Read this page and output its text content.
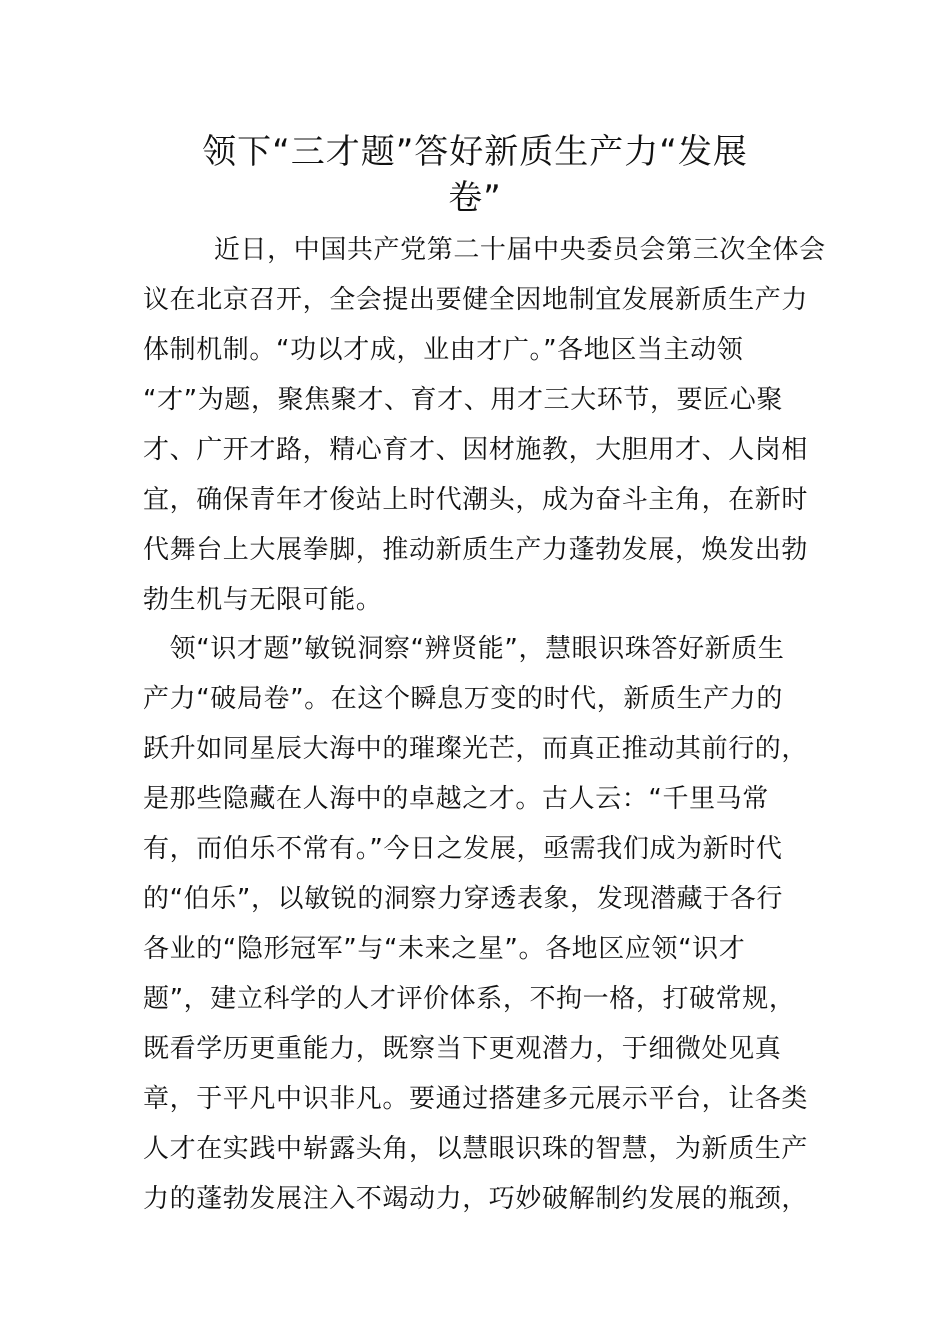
领下“三才题”答好新质生产力“发展
卷”

近日，中国共产党第二十届中央委员会第三次全体会

议在北京召开，全会提出要健全因地制宜发展新质生产力

体制机制。“功以才成，业由才广。”各地区当主动领

“才”为题，聚焦聚才、育才、用才三大环节，要匠心聚

才、广开才路，精心育才、因材施教，大胆用才、人岗相

宜，确保青年才俊站上时代潮头，成为奋斗主角，在新时

代舞台上大展拳脚，推动新质生产力蓬勃发展，焕发出勃

勃生机与无限可能。

领“识才题”敏锐洞察“辨贤能”，慧眼识珠答好新质生

产力“破局卷”。在这个瞬息万变的时代，新质生产力的

跃升如同星辰大海中的璀璨光芒，而真正推动其前行的，

是那些隐藏在人海中的卓越之才。古人云：“千里马常

有，而伯乐不常有。”今日之发展，亟需我们成为新时代

的“伯乐”，以敏锐的洞察力穿透表象，发现潜藏于各行

各业的“隐形冠军”与“未来之星”。各地区应领“识才

题”，建立科学的人才评价体系，不拘一格，打破常规，

既看学历更重能力，既察当下更观潜力，于细微处见真

章，于平凡中识非凡。要通过搭建多元展示平台，让各类

人才在实践中崭露头角，以慧眼识珠的智慧，为新质生产

力的蓬勃发展注入不竭动力，巧妙破解制约发展的瓶颈，
